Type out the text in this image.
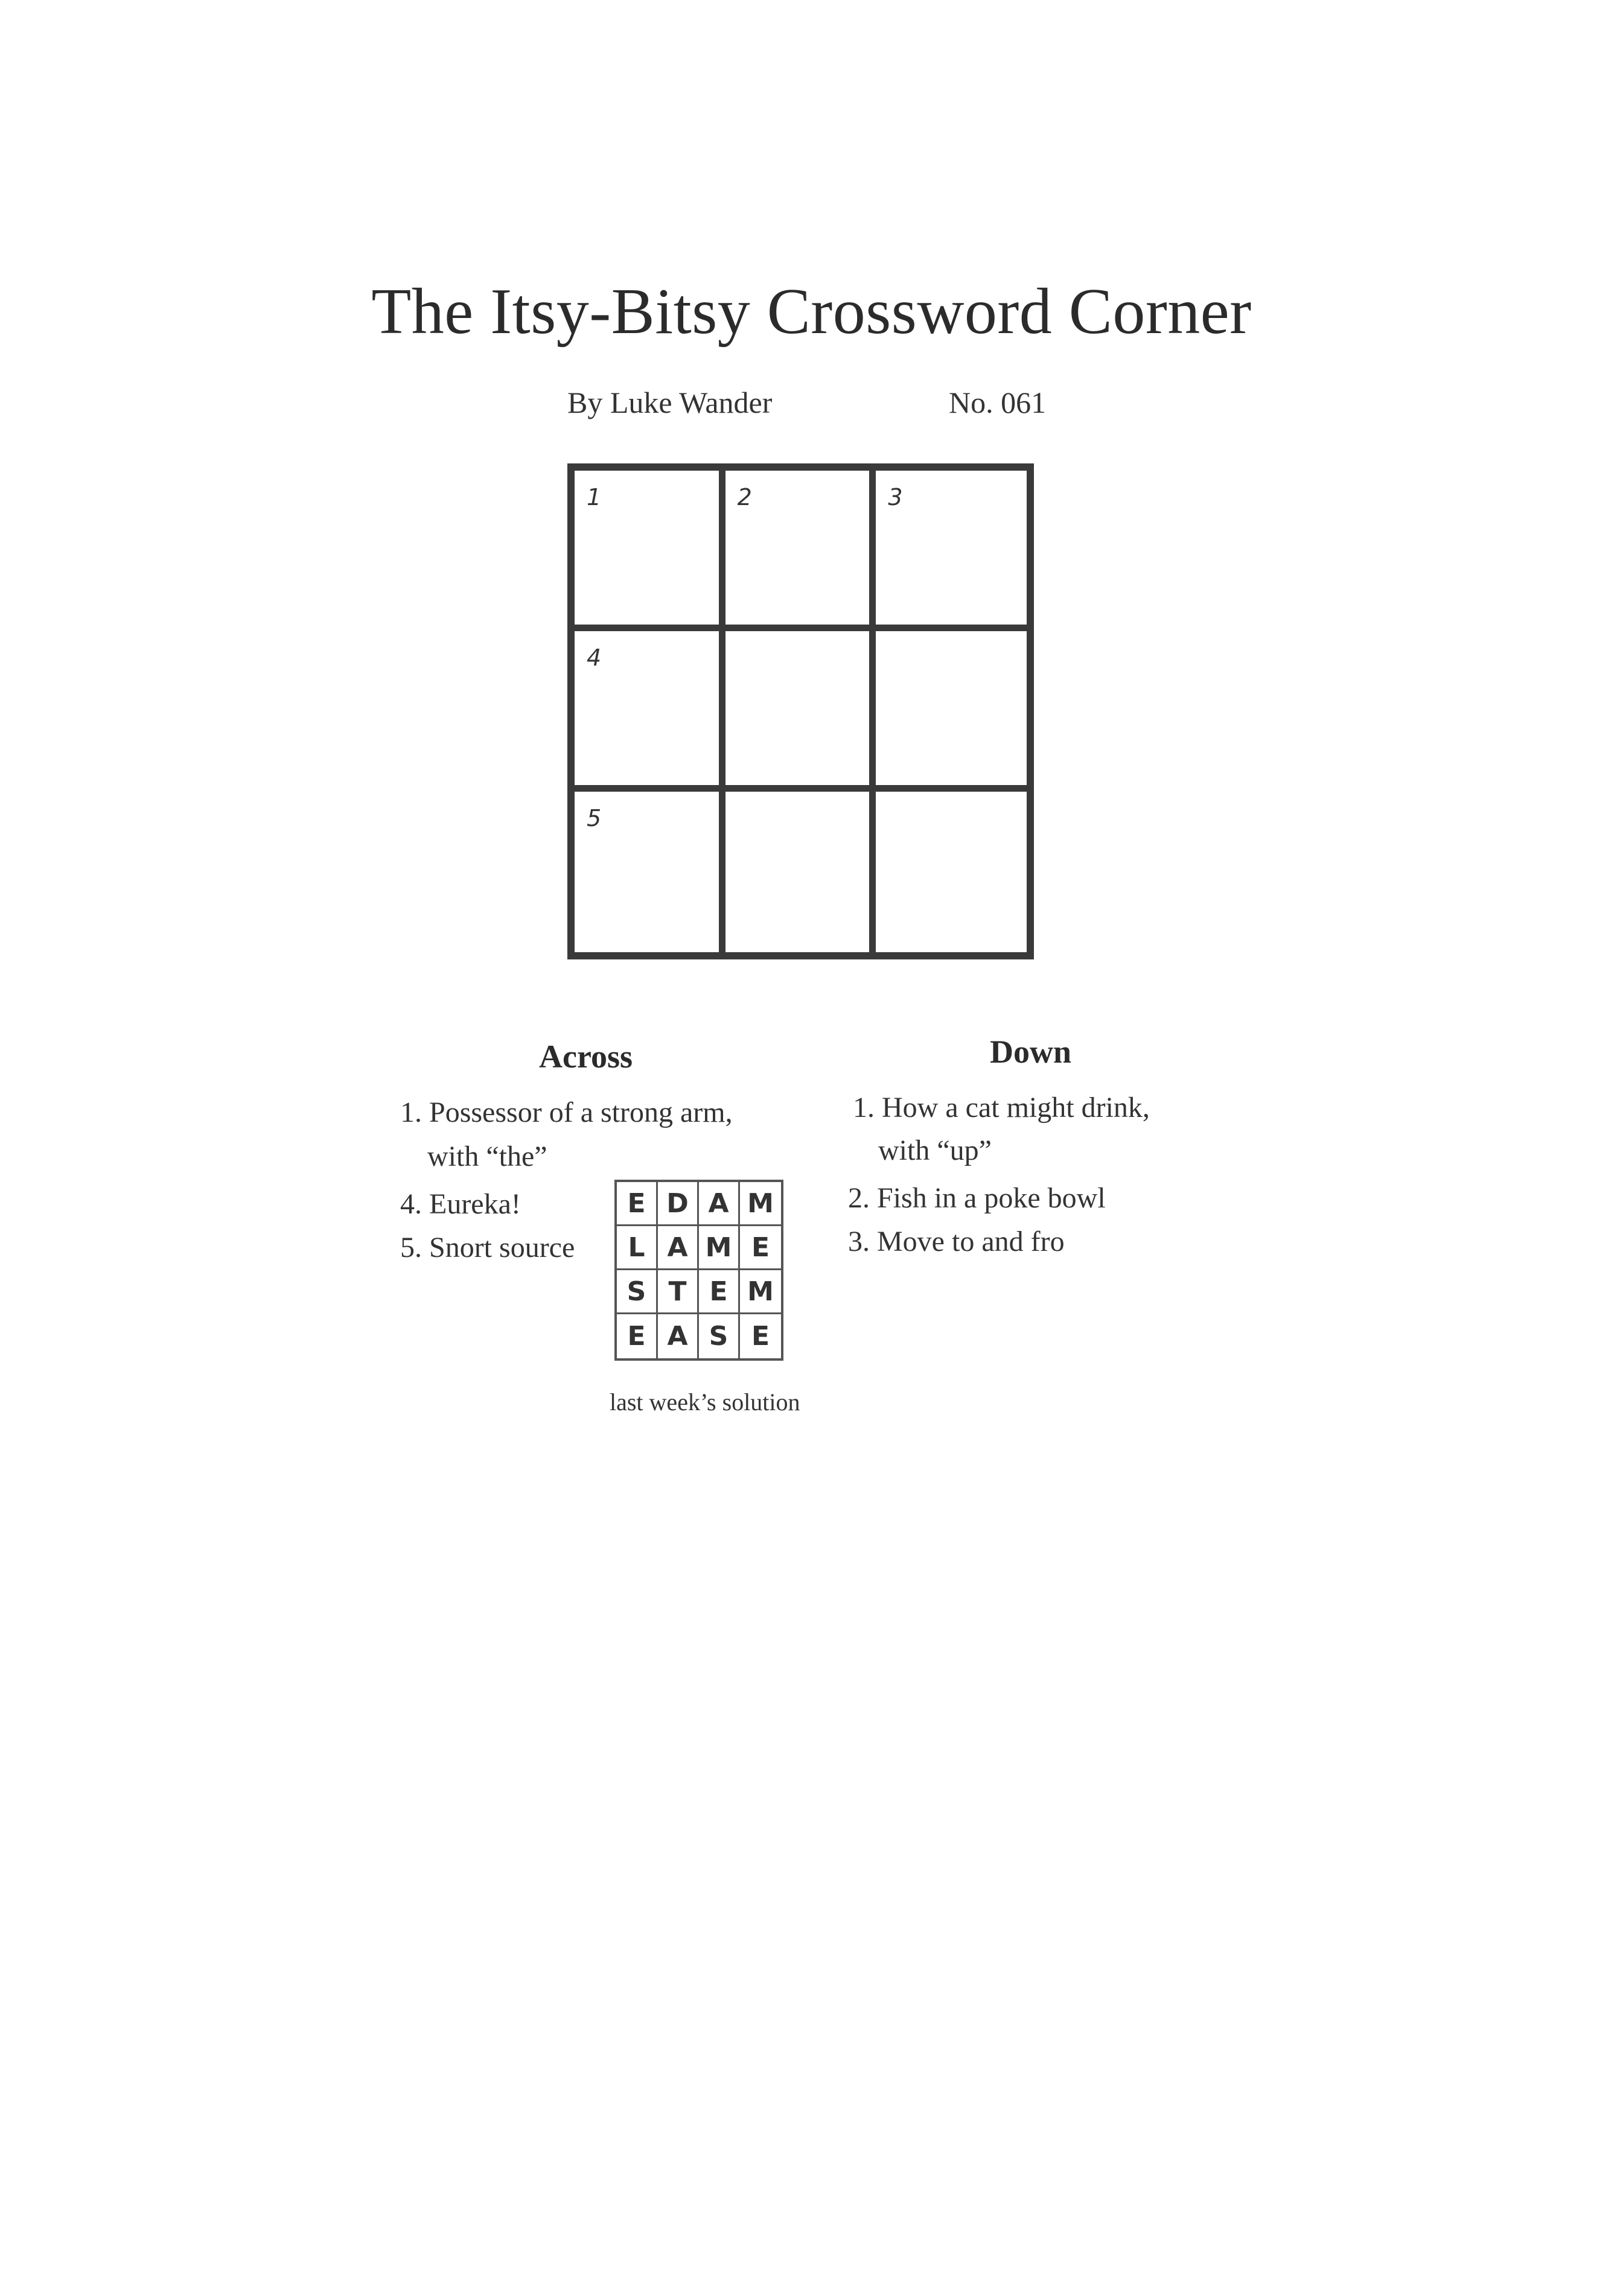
The Itsy-Bitsy Crossword Corner
By Luke Wander	No. 061
1	2	3
4
5
Across
1. Possessor of a strong arm,
with “the”
4. Eureka!
5. Snort source
Down
1. How a cat might drink,
with “up”
2. Fish in a poke bowl
3. Move to and fro
E D A M
L A M E
S T E M
E A S E
last week’s solution
